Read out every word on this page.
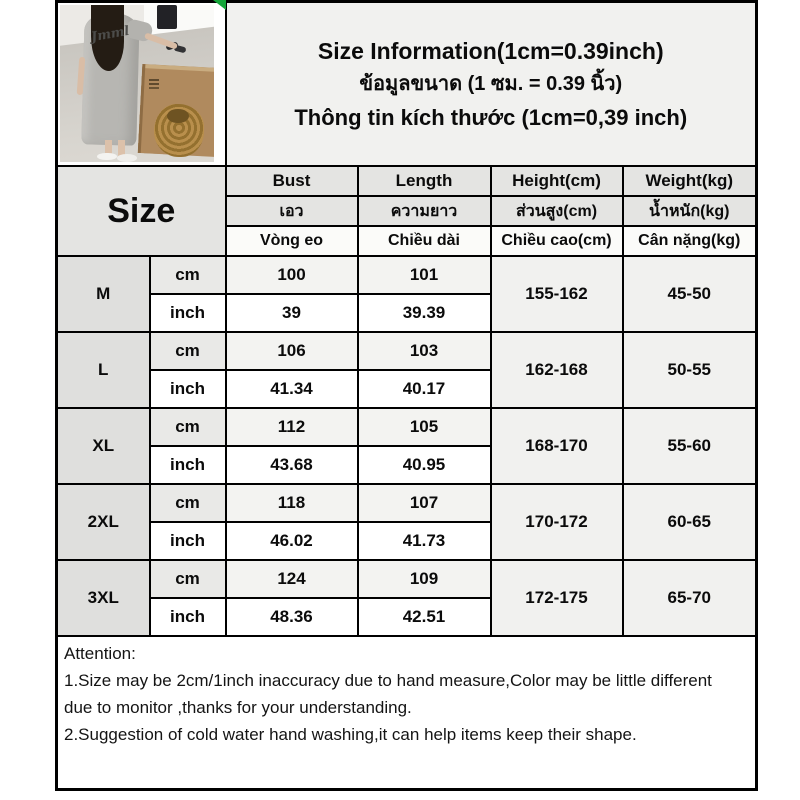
Jmml		Size Information(1cm=0.39inch)
ข้อมูลขนาด (1 ซม. = 0.39 นิ้ว)
Thông tin kích thước (1cm=0,39 inch)			

Size		Bust	Length	Height(cm)	Weight(kg)
		เอว	ความยาว	ส่วนสูง(cm)	น้ำหนัก(kg)
		Vòng eo	Chiều dài	Chiều cao(cm)	Cân nặng(kg)
M	cm	100	101	155-162	45-50
	inch	39	39.39		
L	cm	106	103	162-168	50-55
	inch	41.34	40.17		
XL	cm	112	105	168-170	55-60
	inch	43.68	40.95		
2XL	cm	118	107	170-172	60-65
	inch	46.02	41.73		
3XL	cm	124	109	172-175	65-70
	inch	48.36	42.51		

Attention:
1.Size may be 2cm/1inch inaccuracy due to hand measure,Color may be little different
due to monitor ,thanks for your understanding.
2.Suggestion of cold water hand washing,it can help items keep their shape.					
